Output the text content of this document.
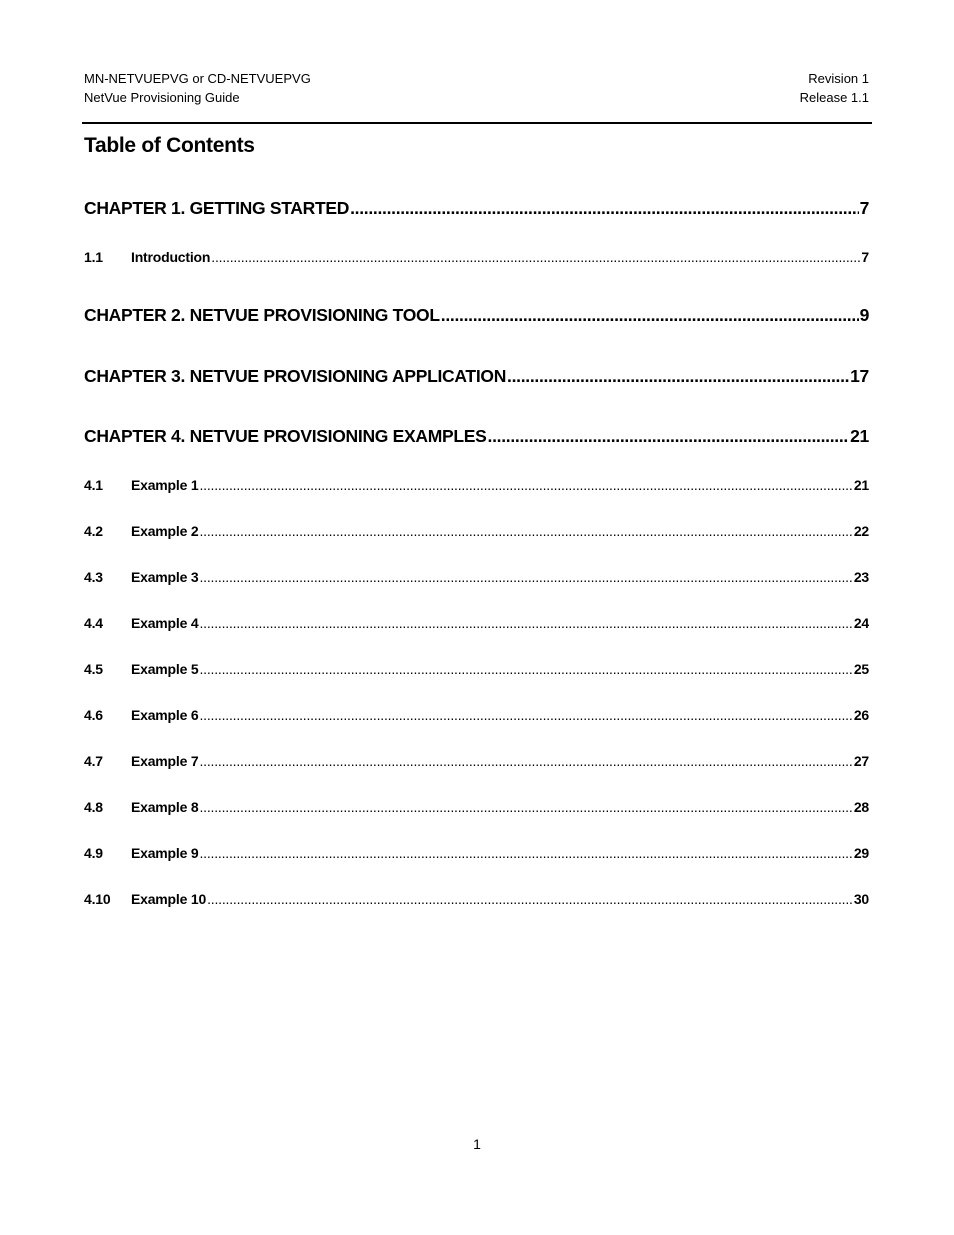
MN-NETVUEPVG or CD-NETVUEPVG
NetVue Provisioning Guide
Revision 1
Release 1.1
Table of Contents
CHAPTER 1. GETTING STARTED .....	7
1.1	Introduction .....	7
CHAPTER 2. NETVUE PROVISIONING TOOL .....	9
CHAPTER 3. NETVUE PROVISIONING APPLICATION .....	17
CHAPTER 4. NETVUE PROVISIONING EXAMPLES .....	21
4.1	Example 1 .....	21
4.2	Example 2 .....	22
4.3	Example 3 .....	23
4.4	Example 4 .....	24
4.5	Example 5 .....	25
4.6	Example 6 .....	26
4.7	Example 7 .....	27
4.8	Example 8 .....	28
4.9	Example 9 .....	29
4.10	Example 10 .....	30
1
